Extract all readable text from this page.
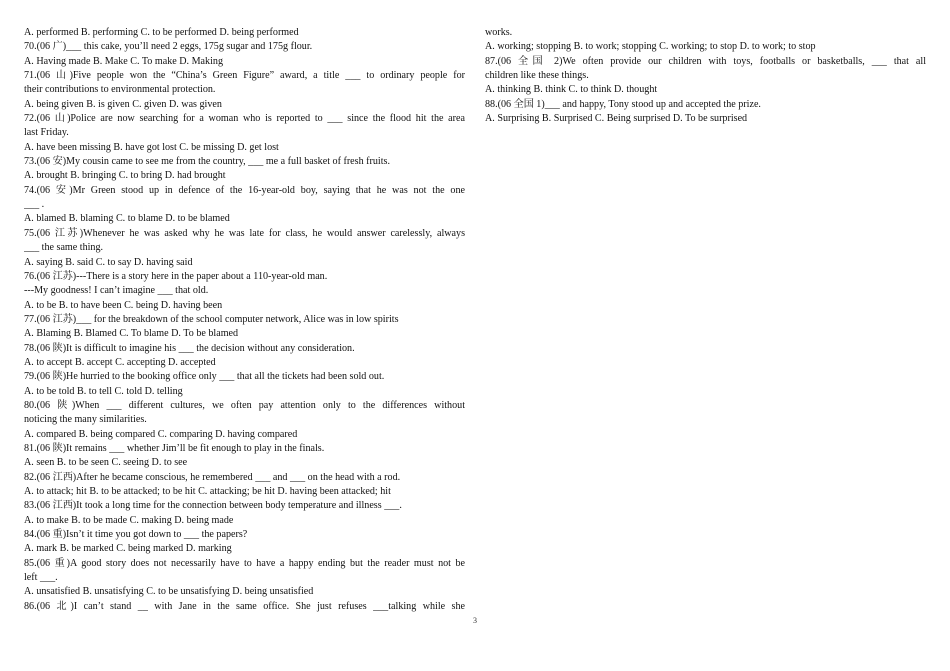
A. performed B. performing C. to be performed D. being performed
70.(06 广)___ this cake, you’ll need 2 eggs, 175g sugar and 175g flour.
A. Having made B. Make C. To make D. Making
71.(06 山)Five people won the “China’s Green Figure” award, a title ___ to ordinary people for
their contributions to environmental protection.
A. being given B. is given C. given D. was given
72.(06 山)Police are now searching for a woman who is reported to ___ since the flood hit the area
last Friday.
A. have been missing B. have got lost C. be missing D. get lost
73.(06 安)My cousin came to see me from the country, ___ me a full basket of fresh fruits.
A. brought B. bringing C. to bring D. had brought
74.(06 安)Mr Green stood up in defence of the 16-year-old boy, saying that he was not the one
___ .
A. blamed B. blaming C. to blame D. to be blamed
75.(06 江苏)Whenever he was asked why he was late for class, he would answer carelessly, always
___ the same thing.
A. saying B. said C. to say D. having said
76.(06 江苏)---There is a story here in the paper about a 110-year-old man.
---My goodness! I can’t imagine ___ that old.
A. to be B. to have been C. being D. having been
77.(06 江苏)___ for the breakdown of the school computer network, Alice was in low spirits
A. Blaming B. Blamed C. To blame D. To be blamed
78.(06 陕)It is difficult to imagine his ___ the decision without any consideration.
A. to accept B. accept C. accepting D. accepted
79.(06 陕)He hurried to the booking office only ___ that all the tickets had been sold out.
A. to be told B. to tell C. told D. telling
80.(06 陕)When ___ different cultures, we often pay attention only to the differences without
noticing the many similarities.
A. compared B. being compared C. comparing D. having compared
81.(06 陕)It remains ___ whether Jim’ll be fit enough to play in the finals.
A. seen B. to be seen C. seeing D. to see
82.(06 江西)After he became conscious, he remembered ___ and ___ on the head with a rod.
A. to attack; hit B. to be attacked; to be hit C. attacking; be hit D. having been attacked; hit
83.(06 江西)It took a long time for the connection between body temperature and illness ___.
A. to make B. to be made C. making D. being made
84.(06 重)Isn’t it time you got down to ___ the papers?
A. mark B. be marked C. being marked D. marking
85.(06 重)A good story does not necessarily have to have a happy ending but the reader must not be
left ___.
A. unsatisfied B. unsatisfying C. to be unsatisfying D. being unsatisfied
86.(06 北)I can’t stand __ with Jane in the same office. She just refuses ___talking while she
works.
A. working; stopping B. to work; stopping C. working; to stop D. to work; to stop
87.(06 全国 2)We often provide our children with toys, footballs or basketballs, ___ that all
children like these things.
A. thinking B. think C. to think D. thought
88.(06 全国 1)___ and happy, Tony stood up and accepted the prize.
A. Surprising B. Surprised C. Being surprised D. To be surprised
3
